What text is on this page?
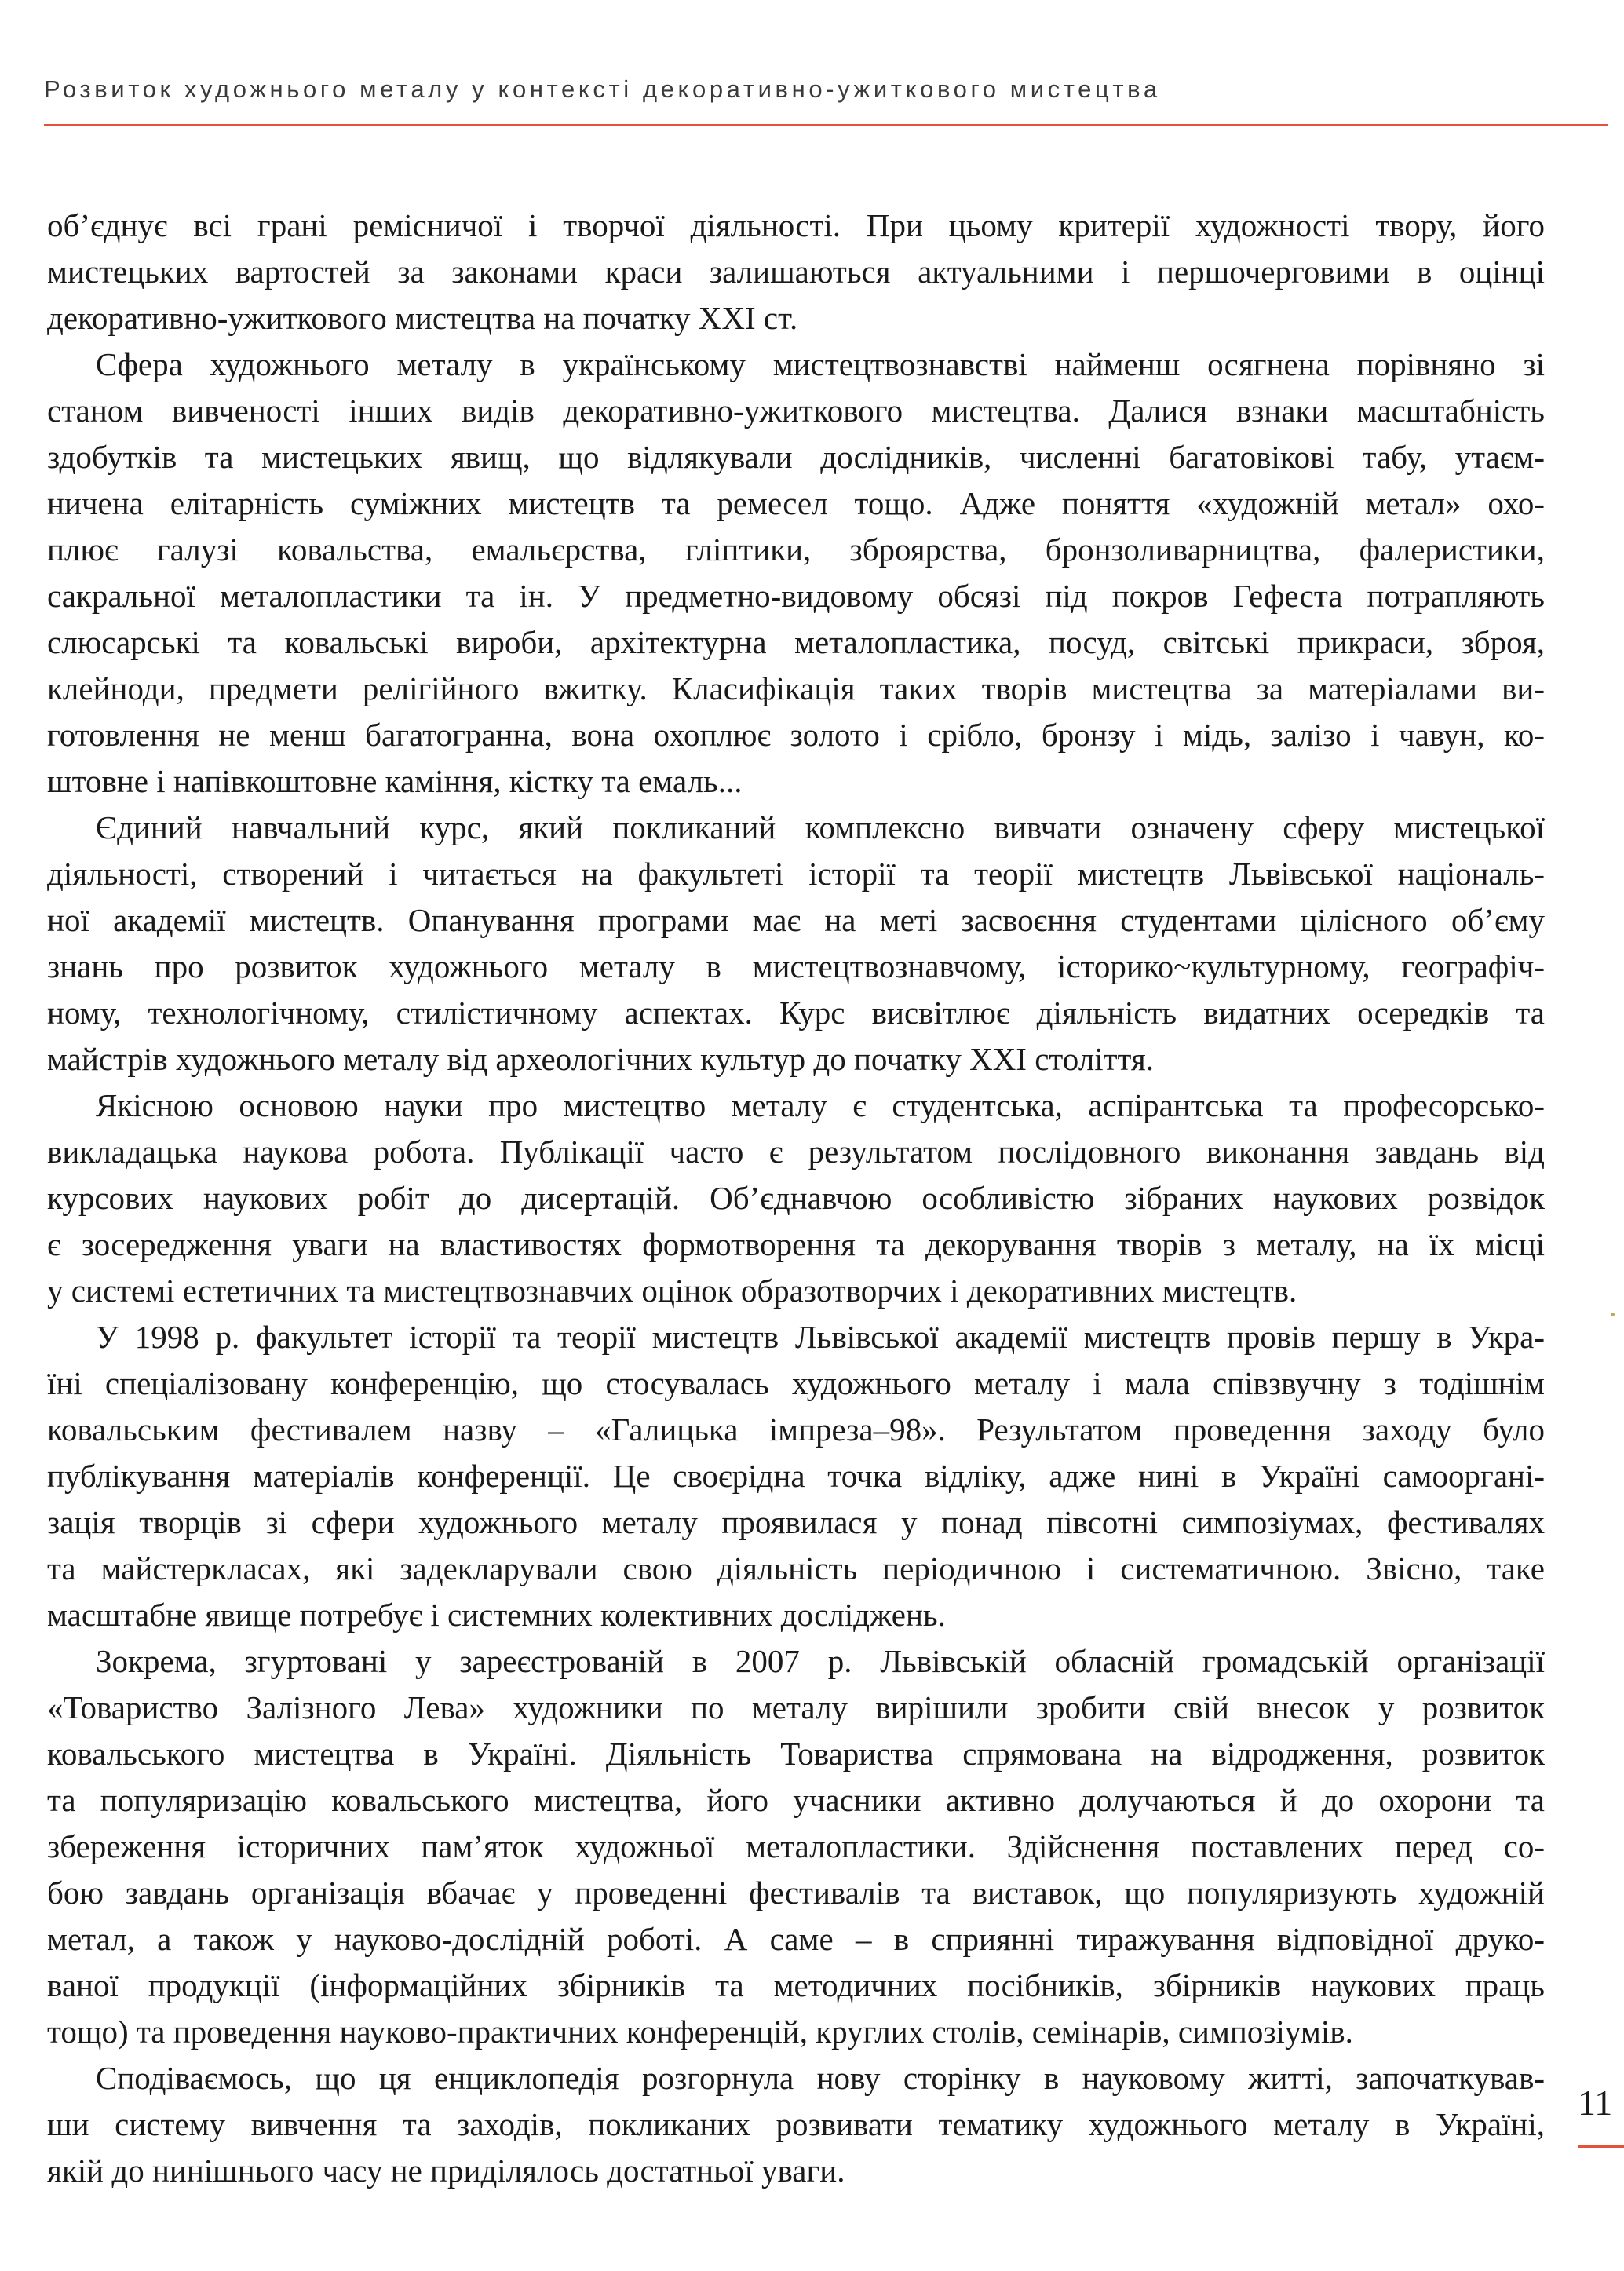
Розвиток художнього металу у контексті декоративно-ужиткового мистецтва
об’єднує всі грані ремісничої і творчої діяльності. При цьому критерії художності твору, його
мистецьких вартостей за законами краси залишаються актуальними і першочерговими в оцінці
декоративно-ужиткового мистецтва на початку ХХІ ст.
Сфера художнього металу в українському мистецтвознавстві найменш осягнена порівняно зі
станом вивченості інших видів декоративно-ужиткового мистецтва. Далися взнаки масштабність
здобутків та мистецьких явищ, що відлякували дослідників, численні багатовікові табу, утаєм-
ничена елітарність суміжних мистецтв та ремесел тощо. Адже поняття «художній метал» охо-
плює галузі ковальства, емальєрства, гліптики, зброярства, бронзоливарництва, фалеристики,
сакральної металопластики та ін. У предметно-видовому обсязі під покров Гефеста потрапляють
слюсарські та ковальські вироби, архітектурна металопластика, посуд, світські прикраси, зброя,
клейноди, предмети релігійного вжитку. Класифікація таких творів мистецтва за матеріалами ви-
готовлення не менш багатогранна, вона охоплює золото і срібло, бронзу і мідь, залізо і чавун, ко-
штовне і напівкоштовне каміння, кістку та емаль...
Єдиний навчальний курс, який покликаний комплексно вивчати означену сферу мистецької
діяльності, створений і читається на факультеті історії та теорії мистецтв Львівської національ-
ної академії мистецтв. Опанування програми має на меті засвоєння студентами цілісного об’єму
знань про розвиток художнього металу в мистецтвознавчому, історико~культурному, географіч-
ному, технологічному, стилістичному аспектах. Курс висвітлює діяльність видатних осередків та
майстрів художнього металу від археологічних культур до початку ХХІ століття.
Якісною основою науки про мистецтво металу є студентська, аспірантська та професорсько-
викладацька наукова робота. Публікації часто є результатом послідовного виконання завдань від
курсових наукових робіт до дисертацій. Об’єднавчою особливістю зібраних наукових розвідок
є зосередження уваги на властивостях формотворення та декорування творів з металу, на їх місці
у системі естетичних та мистецтвознавчих оцінок образотворчих і декоративних мистецтв.
У 1998 р. факультет історії та теорії мистецтв Львівської академії мистецтв провів першу в Укра-
їні спеціалізовану конференцію, що стосувалась художнього металу і мала співзвучну з тодішнім
ковальським фестивалем назву – «Галицька імпреза–98». Результатом проведення заходу було
публікування матеріалів конференції. Це своєрідна точка відліку, адже нині в Україні самооргані-
зація творців зі сфери художнього металу проявилася у понад півсотні симпозіумах, фестивалях
та майстеркласах, які задекларували свою діяльність періодичною і систематичною. Звісно, таке
масштабне явище потребує і системних колективних досліджень.
Зокрема, згуртовані у зареєстрованій в 2007 р. Львівській обласній громадській організації
«Товариство Залізного Лева» художники по металу вирішили зробити свій внесок у розвиток
ковальського мистецтва в Україні. Діяльність Товариства спрямована на відродження, розвиток
та популяризацію ковальського мистецтва, його учасники активно долучаються й до охорони та
збереження історичних пам’яток художньої металопластики. Здійснення поставлених перед со-
бою завдань організація вбачає у проведенні фестивалів та виставок, що популяризують художній
метал, а також у науково-дослідній роботі. А саме – в сприянні тиражування відповідної друко-
ваної продукції (інформаційних збірників та методичних посібників, збірників наукових праць
тощо) та проведення науково-практичних конференцій, круглих столів, семінарів, симпозіумів.
Сподіваємось, що ця енциклопедія розгорнула нову сторінку в науковому житті, започаткував-
ши систему вивчення та заходів, покликаних розвивати тематику художнього металу в Україні,
якій до нинішнього часу не приділялось достатньої уваги.
11
